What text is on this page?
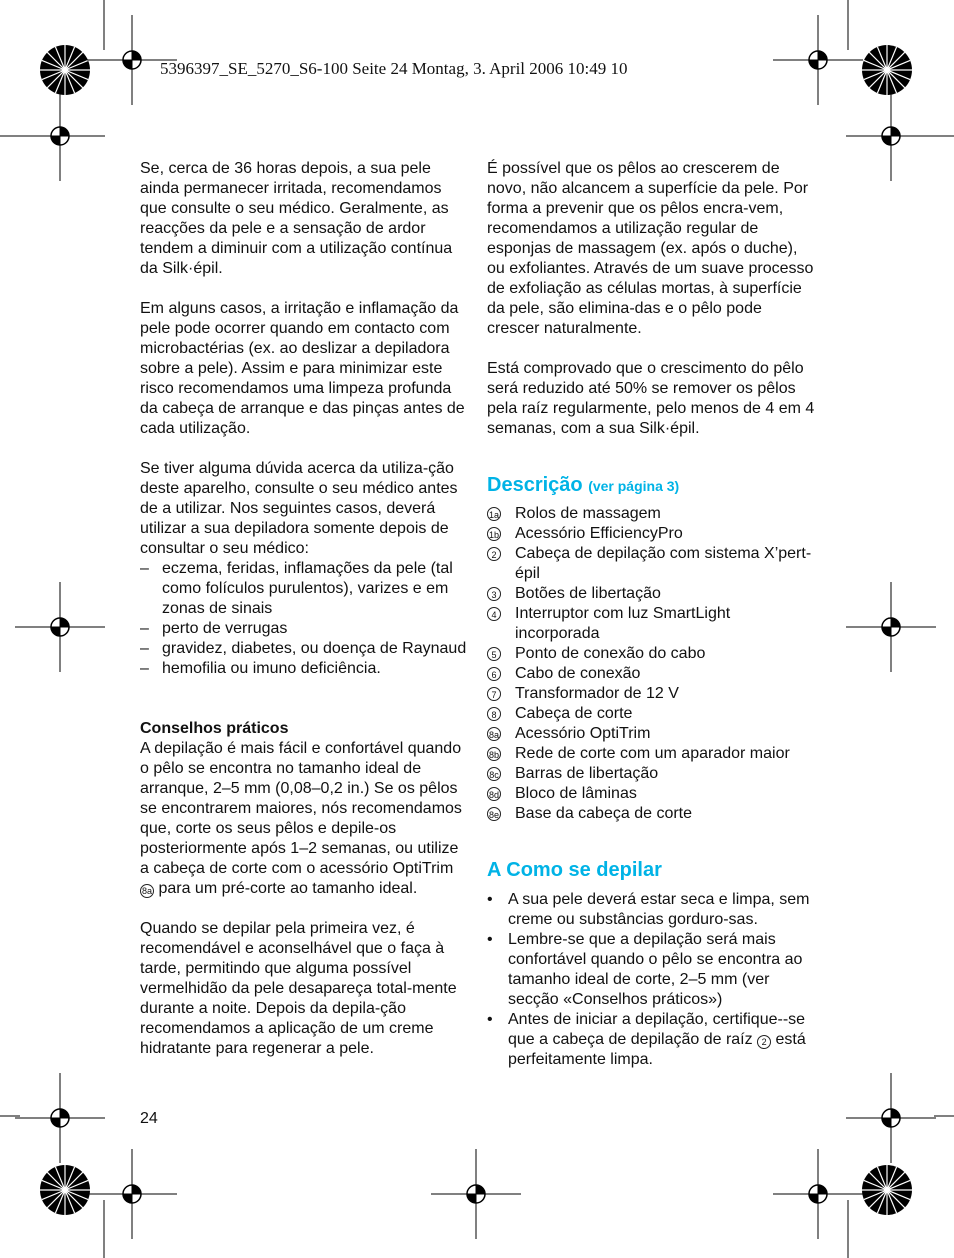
5396397_SE_5270_S6-100 Seite 24 Montag, 3. April 2006 10:49 10

Se, cerca de 36 horas depois, a sua pele ainda permanecer irritada, recomendamos que consulte o seu médico. Geralmente, as reacções da pele e a sensação de ardor tendem a diminuir com a utilização contínua da Silk·épil.

Em alguns casos, a irritação e inflamação da pele pode ocorrer quando em contacto com microbactérias (ex. ao deslizar a depiladora sobre a pele). Assim e para minimizar este risco recomendamos uma limpeza profunda da cabeça de arranque e das pinças antes de cada utilização.

Se tiver alguma dúvida acerca da utiliza-ção deste aparelho, consulte o seu médico antes de a utilizar. Nos seguintes casos, deverá utilizar a sua depiladora somente depois de consultar o seu médico:

– eczema, feridas, inflamações da pele (tal como folículos purulentos), varizes e em zonas de sinais
– perto de verrugas
– gravidez, diabetes, ou doença de Raynaud
– hemofilia ou imuno deficiência.

Conselhos práticos

A depilação é mais fácil e confortável quando o pêlo se encontra no tamanho ideal de arranque, 2–5 mm (0,08–0,2 in.) Se os pêlos se encontrarem maiores, nós recomendamos que, corte os seus pêlos e depile-os posteriormente após 1–2 semanas, ou utilize a cabeça de corte com o acessório OptiTrim 8a para um pré-corte ao tamanho ideal.

Quando se depilar pela primeira vez, é recomendável e aconselhável que o faça à tarde, permitindo que alguma possível vermelhidão da pele desapareça total-mente durante a noite. Depois da depila-ção recomendamos a aplicação de um creme hidratante para regenerar a pele.

É possível que os pêlos ao crescerem de novo, não alcancem a superfície da pele. Por forma a prevenir que os pêlos encra-vem, recomendamos a utilização regular de esponjas de massagem (ex. após o duche), ou exfoliantes. Através de um suave processo de exfoliação as células mortas, à superfície da pele, são elimina-das e o pêlo pode crescer naturalmente.

Está comprovado que o crescimento do pêlo será reduzido até 50% se remover os pêlos pela raíz regularmente, pelo menos de 4 em 4 semanas, com a sua Silk·épil.

Descrição (ver página 3)
1a Rolos de massagem
1b Acessório EfficiencyPro
2 Cabeça de depilação com sistema X’pert-épil
3 Botões de libertação
4 Interruptor com luz SmartLight incorporada
5 Ponto de conexão do cabo
6 Cabo de conexão
7 Transformador de 12 V
8 Cabeça de corte
8a Acessório OptiTrim
8b Rede de corte com um aparador maior
8c Barras de libertação
8d Bloco de lâminas
8e Base da cabeça de corte
A Como se depilar
• A sua pele deverá estar seca e limpa, sem creme ou substâncias gorduro-sas.
• Lembre-se que a depilação será mais confortável quando o pêlo se encontra ao tamanho ideal de corte, 2–5 mm (ver secção «Conselhos práticos»)
• Antes de iniciar a depilação, certifique--se que a cabeça de depilação de raíz 2 está perfeitamente limpa.
24
